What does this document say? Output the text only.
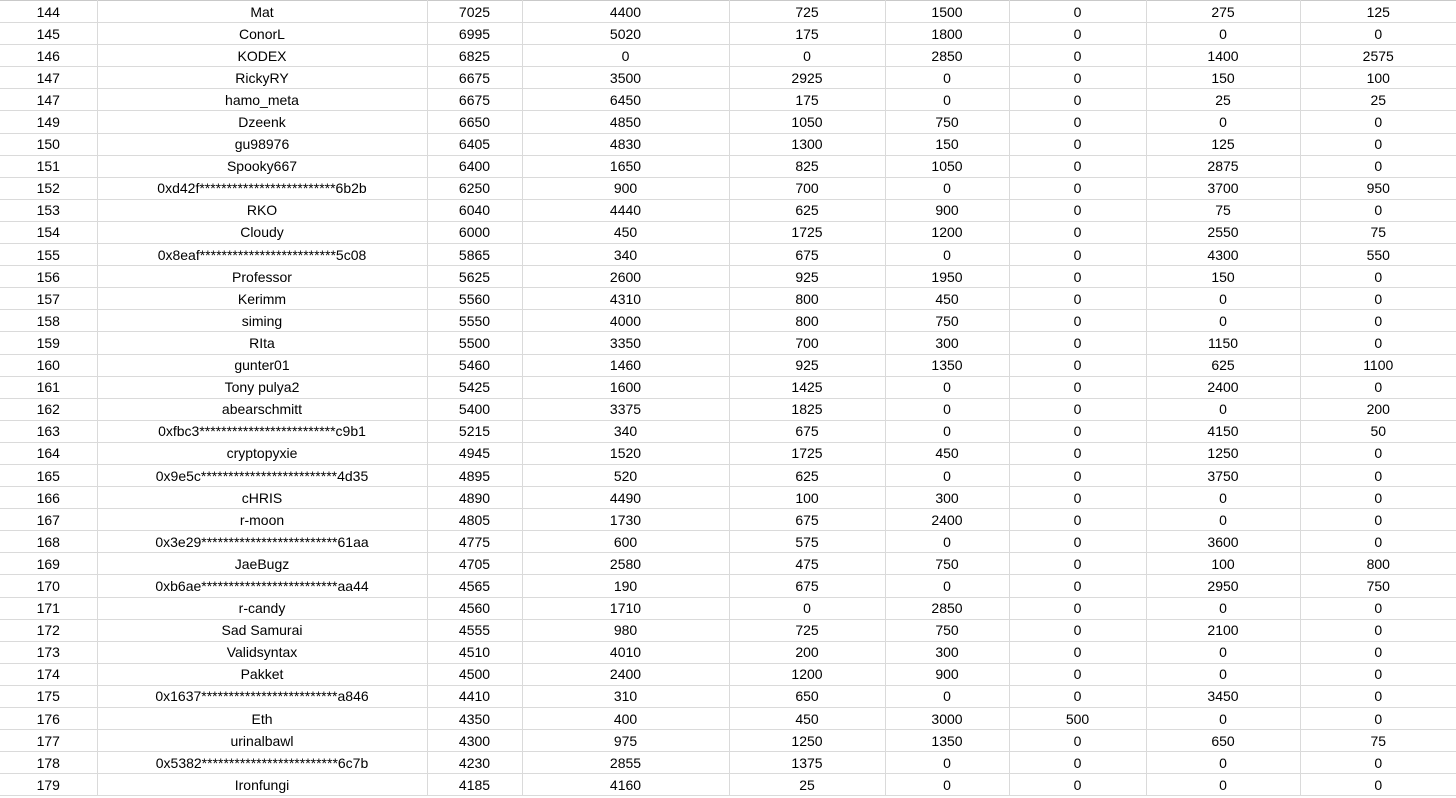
144	Mat	7025	4400	725	1500	0	275	125
145	ConorL	6995	5020	175	1800	0	0	0
146	KODEX	6825	0	0	2850	0	1400	2575
147	RickyRY	6675	3500	2925	0	0	150	100
147	hamo_meta	6675	6450	175	0	0	25	25
149	Dzeenk	6650	4850	1050	750	0	0	0
150	gu98976	6405	4830	1300	150	0	125	0
151	Spooky667	6400	1650	825	1050	0	2875	0
152	0xd42f*************************6b2b	6250	900	700	0	0	3700	950
153	RKO	6040	4440	625	900	0	75	0
154	Cloudy	6000	450	1725	1200	0	2550	75
155	0x8eaf*************************5c08	5865	340	675	0	0	4300	550
156	Professor	5625	2600	925	1950	0	150	0
157	Kerimm	5560	4310	800	450	0	0	0
158	siming	5550	4000	800	750	0	0	0
159	RIta	5500	3350	700	300	0	1150	0
160	gunter01	5460	1460	925	1350	0	625	1100
161	Tony pulya2	5425	1600	1425	0	0	2400	0
162	abearschmitt	5400	3375	1825	0	0	0	200
163	0xfbc3*************************c9b1	5215	340	675	0	0	4150	50
164	cryptopyxie	4945	1520	1725	450	0	1250	0
165	0x9e5c*************************4d35	4895	520	625	0	0	3750	0
166	cHRIS	4890	4490	100	300	0	0	0
167	r-moon	4805	1730	675	2400	0	0	0
168	0x3e29*************************61aa	4775	600	575	0	0	3600	0
169	JaeBugz	4705	2580	475	750	0	100	800
170	0xb6ae*************************aa44	4565	190	675	0	0	2950	750
171	r-candy	4560	1710	0	2850	0	0	0
172	Sad Samurai	4555	980	725	750	0	2100	0
173	Validsyntax	4510	4010	200	300	0	0	0
174	Pakket	4500	2400	1200	900	0	0	0
175	0x1637*************************a846	4410	310	650	0	0	3450	0
176	Eth	4350	400	450	3000	500	0	0
177	urinalbawl	4300	975	1250	1350	0	650	75
178	0x5382*************************6c7b	4230	2855	1375	0	0	0	0
179	Ironfungi	4185	4160	25	0	0	0	0
